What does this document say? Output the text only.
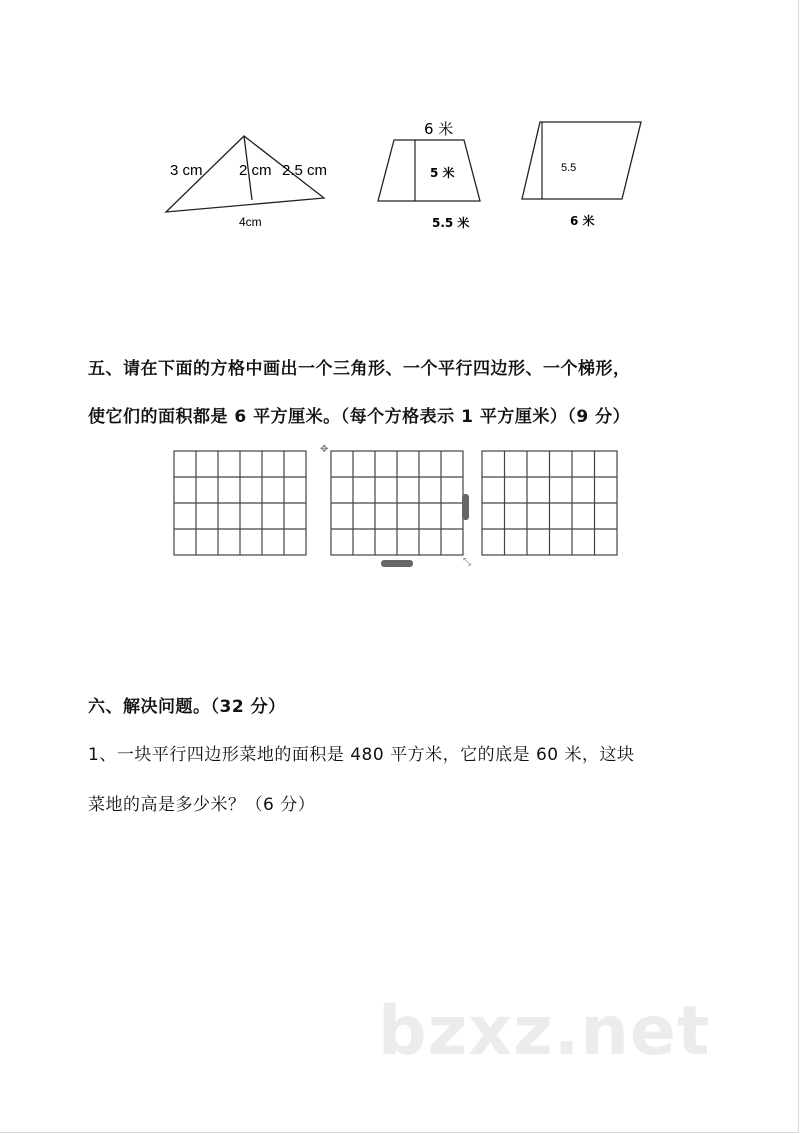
3 cm 2 cm 2.5 cm
4cm
6 米
5 米
5.5 米
5.5
6 米
五、请在下面的方格中画出一个三角形、一个平行四边形、一个梯形，
使它们的面积都是 6 平方厘米。（每个方格表示 1 平方厘米）（9 分）
✥
⤡
六、解决问题。（32 分）
1、一块平行四边形菜地的面积是 480 平方米，它的底是 60 米，这块
菜地的高是多少米？（6 分）
bzxz.net
